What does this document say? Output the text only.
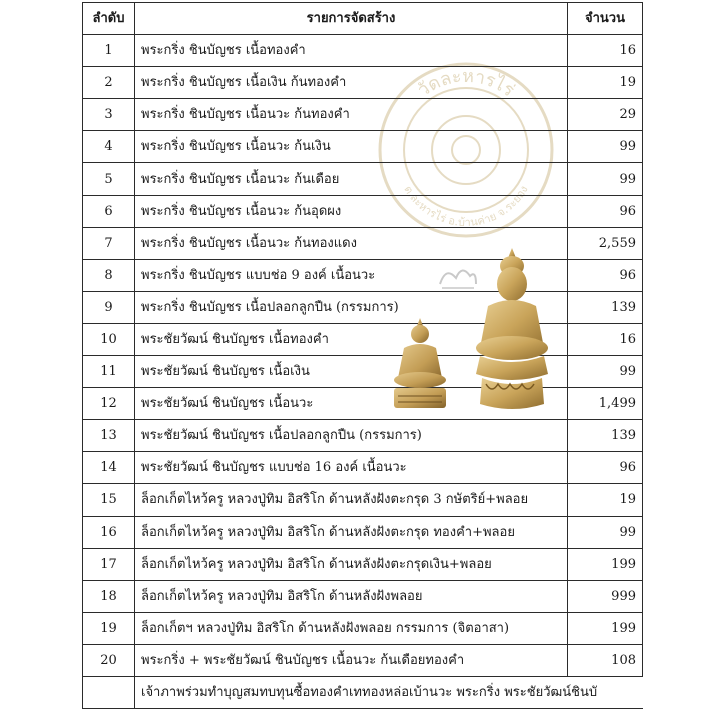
วัดละหารไร่
ต.ละหารไร่ อ.บ้านค่าย จ.ระยอง
ลำดับ	รายการจัดสร้าง	จำนวน
1	พระกริ่ง ชินบัญชร เนื้อทองคำ	16
2	พระกริ่ง ชินบัญชร เนื้อเงิน ก้นทองคำ	19
3	พระกริ่ง ชินบัญชร เนื้อนวะ ก้นทองคำ	29
4	พระกริ่ง ชินบัญชร เนื้อนวะ ก้นเงิน	99
5	พระกริ่ง ชินบัญชร เนื้อนวะ ก้นเดือย	99
6	พระกริ่ง ชินบัญชร เนื้อนวะ ก้นอุดผง	96
7	พระกริ่ง ชินบัญชร เนื้อนวะ ก้นทองแดง	2,559
8	พระกริ่ง ชินบัญชร แบบช่อ 9 องค์ เนื้อนวะ	96
9	พระกริ่ง ชินบัญชร เนื้อปลอกลูกปืน (กรรมการ)	139
10	พระชัยวัฒน์ ชินบัญชร เนื้อทองคำ	16
11	พระชัยวัฒน์ ชินบัญชร เนื้อเงิน	99
12	พระชัยวัฒน์ ชินบัญชร เนื้อนวะ	1,499
13	พระชัยวัฒน์ ชินบัญชร เนื้อปลอกลูกปืน (กรรมการ)	139
14	พระชัยวัฒน์ ชินบัญชร แบบช่อ 16 องค์ เนื้อนวะ	96
15	ล็อกเก็ตไหว้ครู หลวงปู่ทิม อิสริโก ด้านหลังฝังตะกรุด 3 กษัตริย์+พลอย	19
16	ล็อกเก็ตไหว้ครู หลวงปู่ทิม อิสริโก ด้านหลังฝังตะกรุด ทองคำ+พลอย	99
17	ล็อกเก็ตไหว้ครู หลวงปู่ทิม อิสริโก ด้านหลังฝังตะกรุดเงิน+พลอย	199
18	ล็อกเก็ตไหว้ครู หลวงปู่ทิม อิสริโก ด้านหลังฝังพลอย	999
19	ล็อกเก็ตฯ หลวงปู่ทิม อิสริโก ด้านหลังฝังพลอย กรรมการ (จิตอาสา)	199
20	พระกริ่ง + พระชัยวัฒน์ ชินบัญชร เนื้อนวะ ก้นเดือยทองคำ	108
	เจ้าภาพร่วมทำบุญสมทบทุนซื้อทองคำเททองหล่อเบ้านวะ พระกริ่ง พระชัยวัฒน์ชินบั	
